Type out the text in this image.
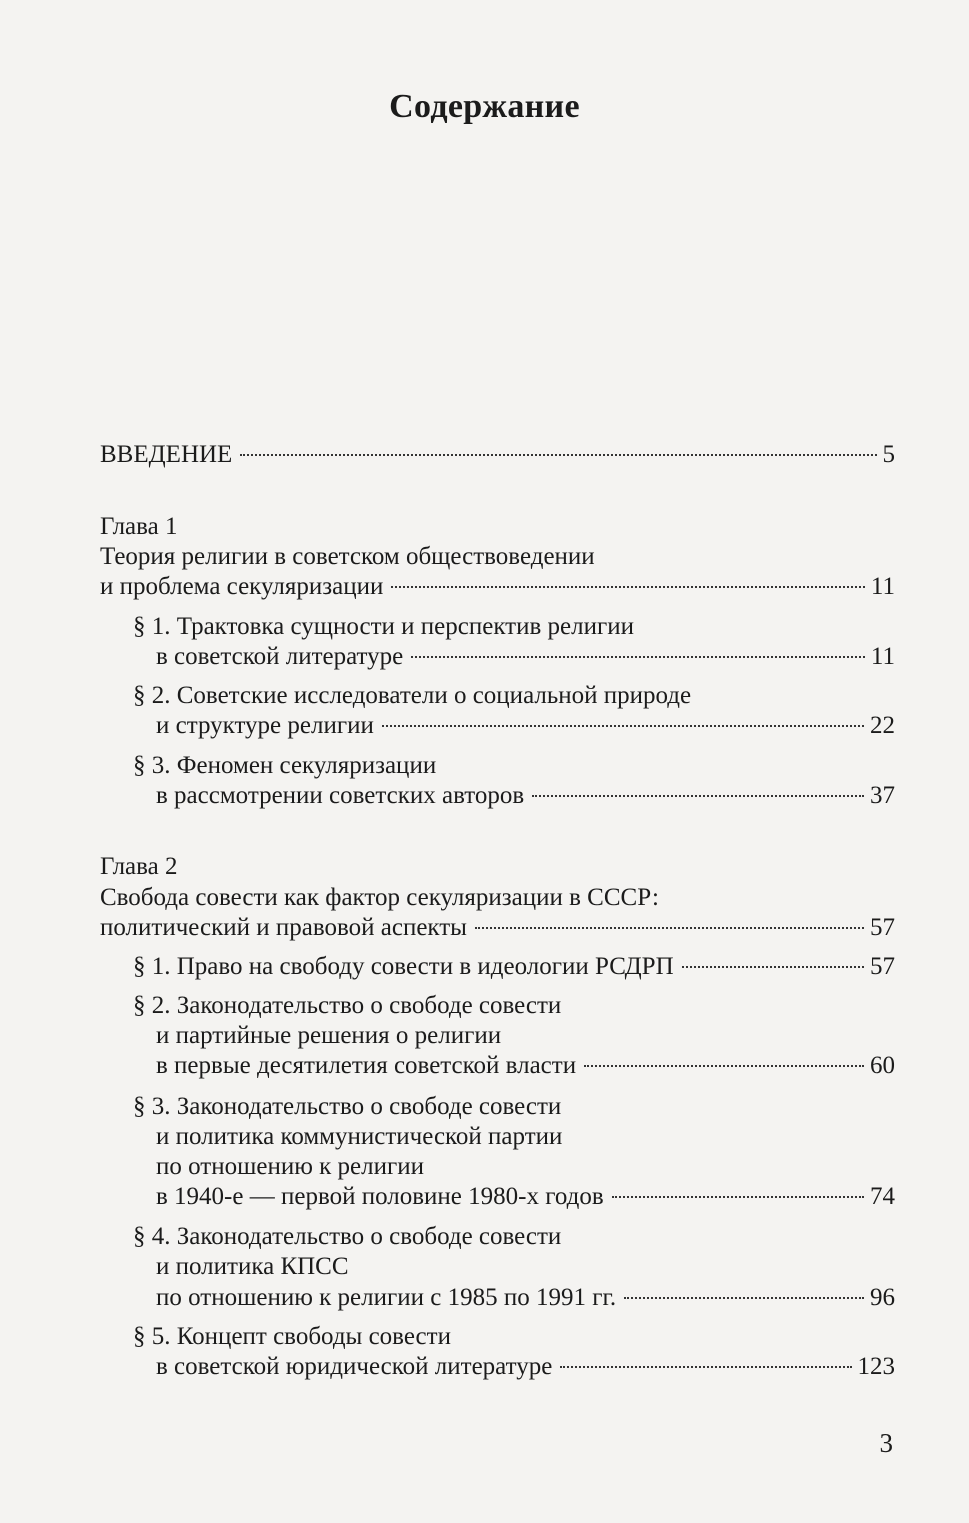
Содержание
ВВЕДЕНИЕ	5
Глава 1
Теория религии в советском обществоведении
и проблема секуляризации	11
§ 1. Трактовка сущности и перспектив религии
в советской литературе	11
§ 2. Советские исследователи о социальной природе
и структуре религии	22
§ 3. Феномен секуляризации
в рассмотрении советских авторов	37
Глава 2
Свобода совести как фактор секуляризации в СССР:
политический и правовой аспекты	57
§ 1. Право на свободу совести в идеологии РСДРП	57
§ 2. Законодательство о свободе совести
и партийные решения о религии
в первые десятилетия советской власти	60
§ 3. Законодательство о свободе совести
и политика коммунистической партии
по отношению к религии
в 1940-е — первой половине 1980-х годов	74
§ 4. Законодательство о свободе совести
и политика КПСС
по отношению к религии с 1985 по 1991 гг.	96
§ 5. Концепт свободы совести
в советской юридической литературе	123
3
